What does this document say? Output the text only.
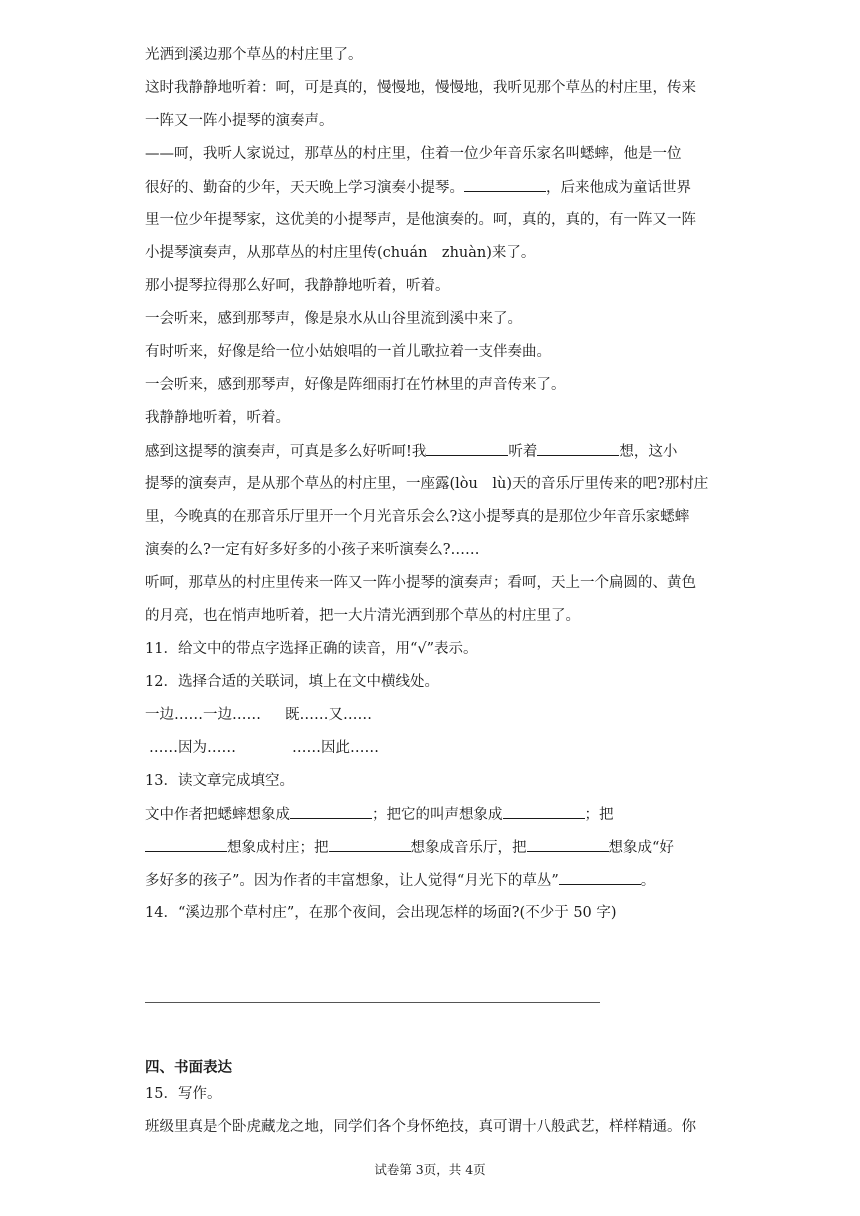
光洒到溪边那个草丛的村庄里了。
这时我静静地听着：呵，可是真的，慢慢地，慢慢地，我听见那个草丛的村庄里，传来
一阵又一阵小提琴的演奏声。
——呵，我听人家说过，那草丛的村庄里，住着一位少年音乐家名叫蟋蟀，他是一位
很好的、勤奋的少年，天天晚上学习演奏小提琴。	，后来他成为童话世界
里一位少年提琴家，这优美的小提琴声，是他演奏的。呵，真的，真的，有一阵又一阵
小提琴演奏声，从那草丛的村庄里传(chuán　zhuàn)来了。
那小提琴拉得那么好呵，我静静地听着，听着。
一会听来，感到那琴声，像是泉水从山谷里流到溪中来了。
有时听来，好像是给一位小姑娘唱的一首儿歌拉着一支伴奏曲。
一会听来，感到那琴声，好像是阵细雨打在竹林里的声音传来了。
我静静地听着，听着。
感到这提琴的演奏声，可真是多么好听呵!我	听着	想，这小
提琴的演奏声，是从那个草丛的村庄里，一座露(lòu　lù)天的音乐厅里传来的吧?那村庄
里，今晚真的在那音乐厅里开一个月光音乐会么?这小提琴真的是那位少年音乐家蟋蟀
演奏的么?一定有好多好多的小孩子来听演奏么?……
听呵，那草丛的村庄里传来一阵又一阵小提琴的演奏声；看呵，天上一个扁圆的、黄色
的月亮，也在悄声地听着，把一大片清光洒到那个草丛的村庄里了。
11．给文中的带点字选择正确的读音，用“√”表示。
12．选择合适的关联词，填上在文中横线处。
一边……一边…… 既……又……
……因为……	……因此……
13．读文章完成填空。
文中作者把蟋蟀想象成	；把它的叫声想象成	；把
想象成村庄；把	想象成音乐厅，把	想象成“好
多好多的孩子”。因为作者的丰富想象，让人觉得“月光下的草丛”	。
14．“溪边那个草村庄”，在那个夜间，会出现怎样的场面?(不少于 50 字)
四、书面表达
15．写作。
班级里真是个卧虎藏龙之地，同学们各个身怀绝技，真可谓十八般武艺，样样精通。你
试卷第 3页，共 4页
